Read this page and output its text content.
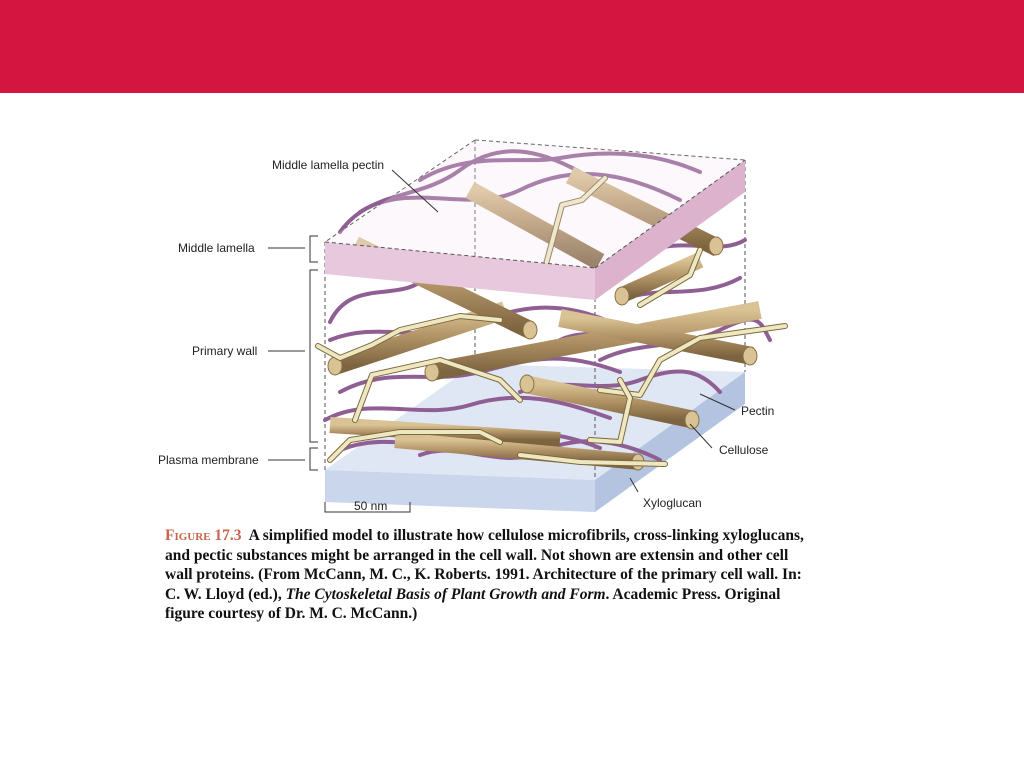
Middle lamella pectin
Middle lamella
Primary wall
Plasma membrane
Pectin
Cellulose
Xyloglucan
50 nm
Figure 17.3 A simplified model to illustrate how cellulose microfibrils, cross-linking xyloglucans, and pectic substances might be arranged in the cell wall. Not shown are extensin and other cell wall proteins. (From McCann, M. C., K. Roberts. 1991. Architecture of the primary cell wall. In: C. W. Lloyd (ed.), The Cytoskeletal Basis of Plant Growth and Form. Academic Press. Original figure courtesy of Dr. M. C. McCann.)
